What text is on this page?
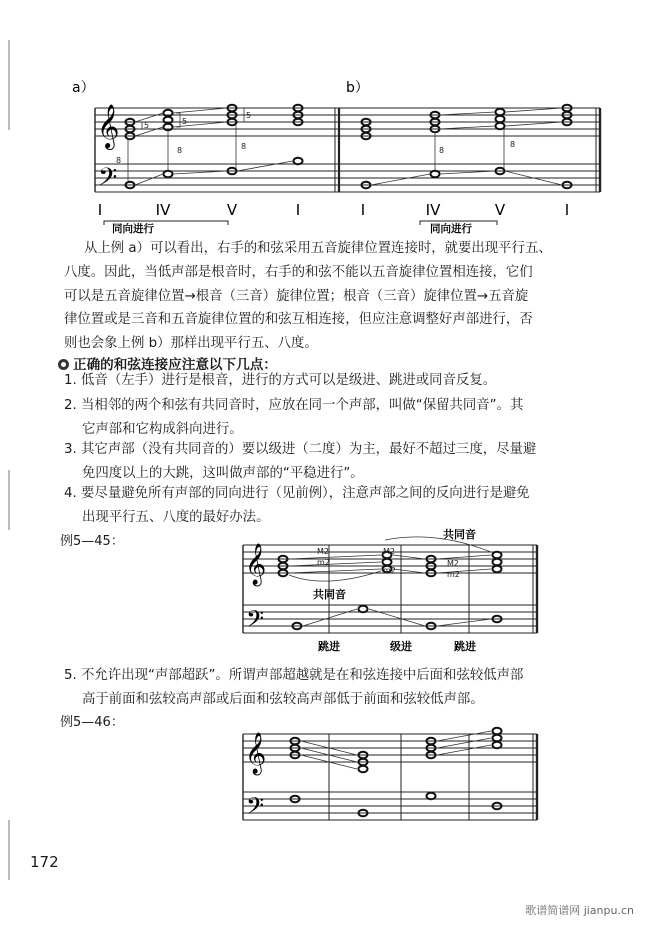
a）	b）
𝄞
𝄢
5	5
5
8
8	8	8
8
I	IV	V	I	I	IV	V	I
同向进行	同向进行

从上例 a）可以看出，右手的和弦采用五音旋律位置连接时，就要出现平行五、
八度。因此，当低声部是根音时，右手的和弦不能以五音旋律位置相连接，它们
可以是五音旋律位置→根音（三音）旋律位置；根音（三音）旋律位置→五音旋
律位置或是三音和五音旋律位置的和弦互相连接，但应注意调整好声部进行，否
则也会象上例 b）那样出现平行五、八度。

正确的和弦连接应注意以下几点：
1. 低音（左手）进行是根音，进行的方式可以是级进、跳进或同音反复。
2. 当相邻的两个和弦有共同音时，应放在同一个声部，叫做“保留共同音”。其
它声部和它构成斜向进行。
3. 其它声部（没有共同音的）要以级进（二度）为主，最好不超过三度，尽量避
免四度以上的大跳，这叫做声部的“平稳进行”。
4. 要尽量避免所有声部的同向进行（见前例），注意声部之间的反向进行是避免
出现平行五、八度的最好办法。
例5—45：	共同音
𝄞
𝄢
M2
m2
M2
m2
M2
m2
共同音
跳进	级进	跳进
5. 不允许出现“声部超跃”。所谓声部超越就是在和弦连接中后面和弦较低声部
高于前面和弦较高声部或后面和弦较高声部低于前面和弦较低声部。
例5—46：
𝄞
𝄢
172
歌谱简谱网 jianpu.cn
